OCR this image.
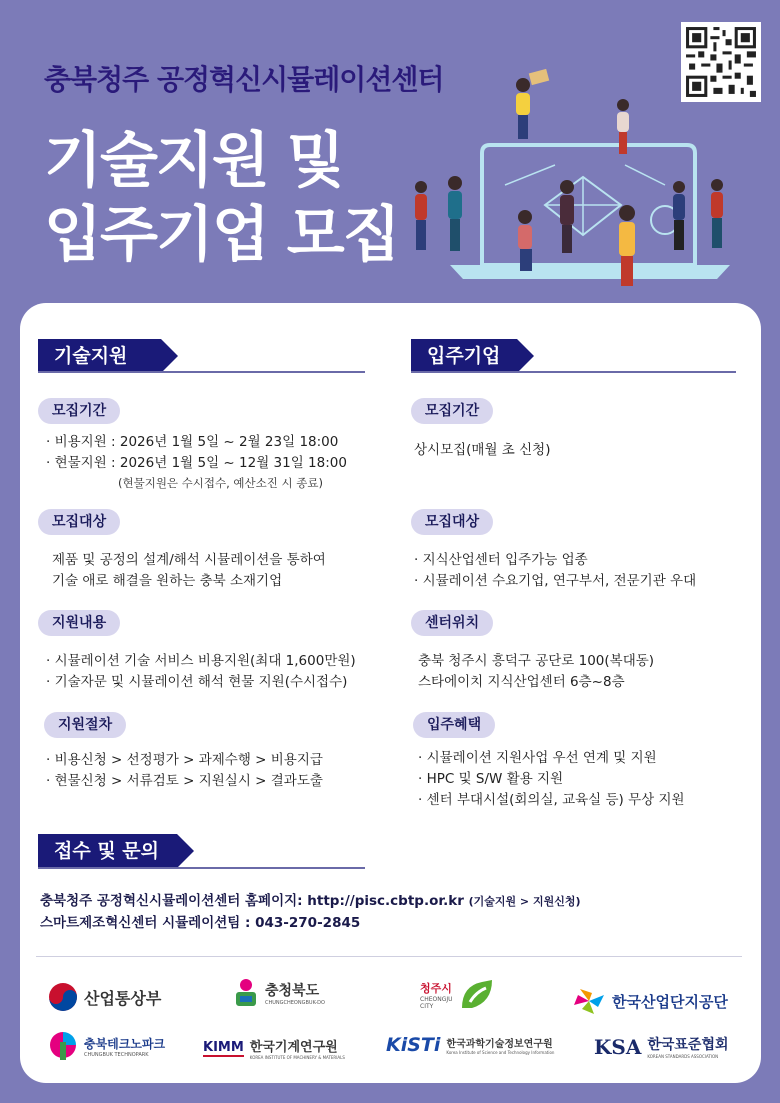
충북청주 공정혁신시뮬레이션센터
기술지원 및
입주기업 모집
기술지원
모집기간
· 비용지원 : 2026년 1월 5일 ~ 2월 23일 18:00
· 현물지원 : 2026년 1월 5일 ~ 12월 31일 18:00
(현물지원은 수시접수, 예산소진 시 종료)
모집대상
제품 및 공정의 설계/해석 시뮬레이션을 통하여
기술 애로 해결을 원하는 충북 소재기업
지원내용
· 시뮬레이션 기술 서비스 비용지원(최대 1,600만원)
· 기술자문 및 시뮬레이션 해석 현물 지원(수시접수)
지원절차
· 비용신청 > 선정평가 > 과제수행 > 비용지급
· 현물신청 > 서류검토 > 지원실시 > 결과도출
입주기업
모집기간
상시모집(매월 초 신청)
모집대상
· 지식산업센터 입주가능 업종
· 시뮬레이션 수요기업, 연구부서, 전문기관 우대
센터위치
충북 청주시 흥덕구 공단로 100(복대동)
스타에이치 지식산업센터 6층~8층
입주혜택
· 시뮬레이션 지원사업 우선 연계 및 지원
· HPC 및 S/W 활용 지원
· 센터 부대시설(회의실, 교육실 등) 무상 지원
접수 및 문의
충북청주 공정혁신시뮬레이션센터 홈페이지: http://pisc.cbtp.or.kr (기술지원 > 지원신청)
스마트제조혁신센터 시뮬레이션팀 : 043-270-2845
산업통상부	충청북도
CHUNGCHEONGBUK-DO
청주시
CHEONGJU CITY	한국산업단지공단
충북테크노파크
CHUNGBUK TECHNOPARK	KIMM 한국기계연구원
KOREA INSTITUTE OF MACHINERY & MATERIALS
KiSTi 한국과학기술정보연구원
Korea Institute of Science and Technology Information KSA 한국표준협회
KOREAN STANDARDS ASSOCIATION
